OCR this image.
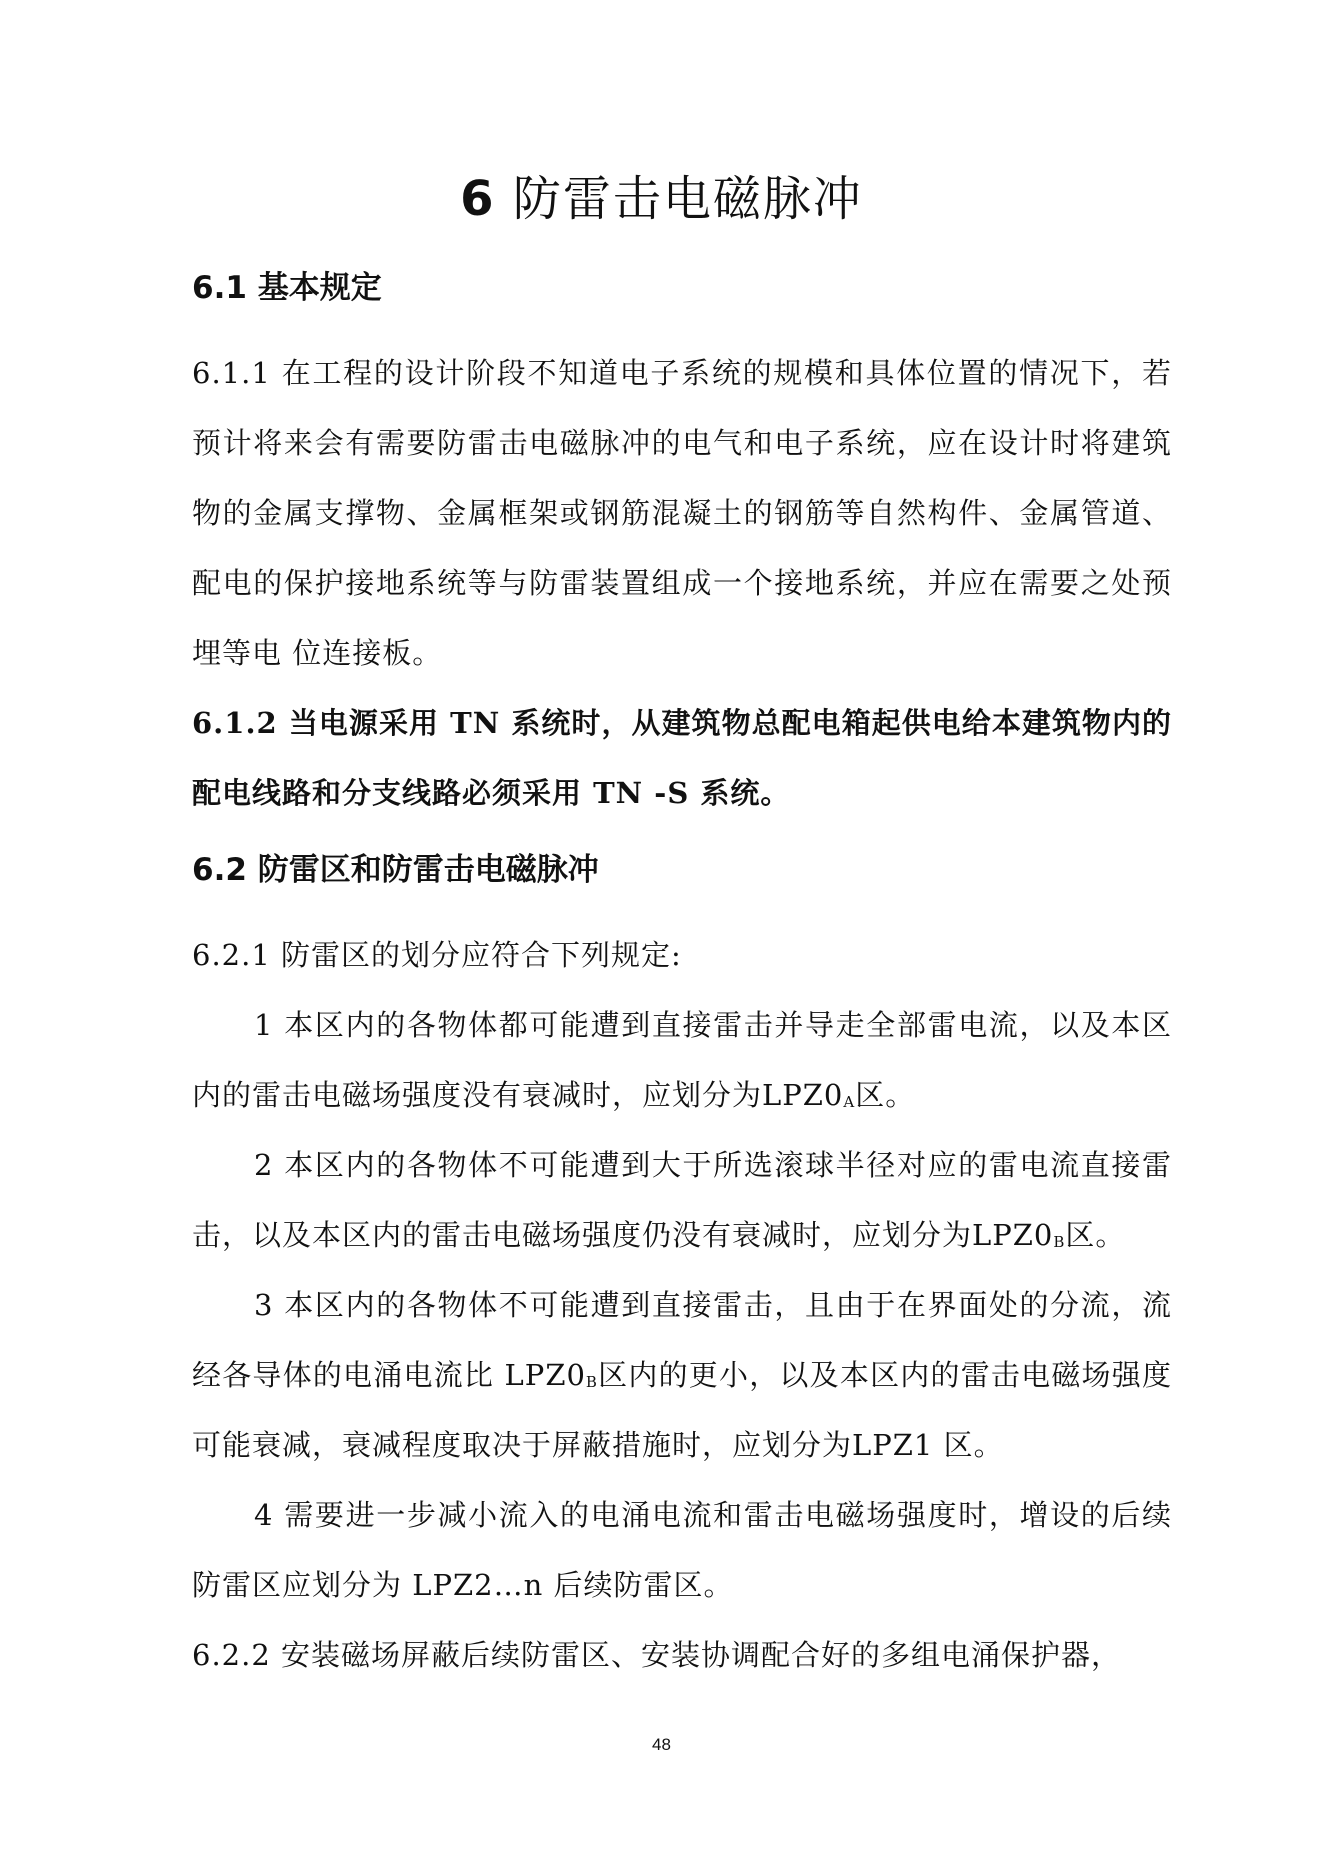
6 防雷击电磁脉冲
6.1 基本规定

6.1.1 在工程的设计阶段不知道电子系统的规模和具体位置的情况下，若预计将来会有需要防雷击电磁脉冲的电气和电子系统，应在设计时将建筑物的金属支撑物、金属框架或钢筋混凝土的钢筋等自然构件、金属管道、配电的保护接地系统等与防雷装置组成一个接地系统，并应在需要之处预埋等电 位连接板。

6.1.2 当电源采用 TN 系统时，从建筑物总配电箱起供电给本建筑物内的配电线路和分支线路必须采用 TN -S 系统。

6.2 防雷区和防雷击电磁脉冲

6.2.1 防雷区的划分应符合下列规定:

1 本区内的各物体都可能遭到直接雷击并导走全部雷电流，以及本区内的雷击电磁场强度没有衰减时，应划分为$LPZ0_A$区。

2 本区内的各物体不可能遭到大于所选滚球半径对应的雷电流直接雷击，以及本区内的雷击电磁场强度仍没有衰减时，应划分为$LPZ0_B$区。

3 本区内的各物体不可能遭到直接雷击，且由于在界面处的分流，流经各导体的电涌电流比 $LPZ0_B$区内的更小，以及本区内的雷击电磁场强度可能衰减，衰减程度取决于屏蔽措施时，应划分为LPZ1 区。

4 需要进一步减小流入的电涌电流和雷击电磁场强度时，增设的后续防雷区应划分为 LPZ2…n 后续防雷区。

6.2.2 安装磁场屏蔽后续防雷区、安装协调配合好的多组电涌保护器，

48
